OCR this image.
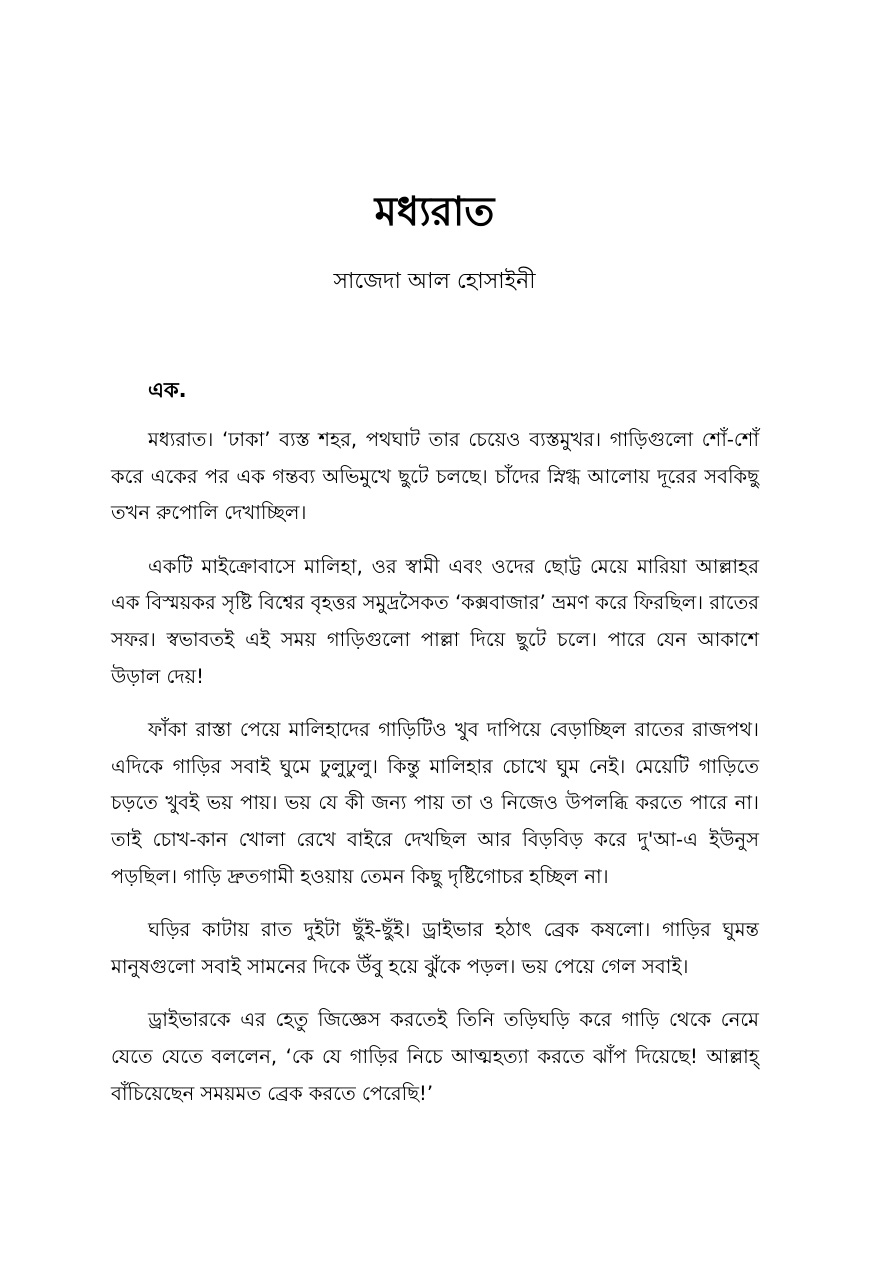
মধ্যরাত
সাজেদা আল হোসাইনী
এক.

মধ্যরাত। ‘ঢাকা’ ব্যস্ত শহর, পথঘাট তার চেয়েও ব্যস্তমুখর। গাড়িগুলো শোঁ-শোঁ করে একের পর এক গন্তব্য অভিমুখে ছুটে চলছে। চাঁদের স্নিগ্ধ আলোয় দূরের সবকিছু তখন রুপোলি দেখাচ্ছিল।

একটি মাইক্রোবাসে মালিহা, ওর স্বামী এবং ওদের ছোট্ট মেয়ে মারিয়া আল্লাহর এক বিস্ময়কর সৃষ্টি বিশ্বের বৃহত্তর সমুদ্রসৈকত ‘কক্সবাজার’ ভ্রমণ করে ফিরছিল। রাতের সফর। স্বভাবতই এই সময় গাড়িগুলো পাল্লা দিয়ে ছুটে চলে। পারে যেন আকাশে উড়াল দেয়!

ফাঁকা রাস্তা পেয়ে মালিহাদের গাড়িটিও খুব দাপিয়ে বেড়াচ্ছিল রাতের রাজপথ। এদিকে গাড়ির সবাই ঘুমে ঢুলুঢুলু। কিন্তু মালিহার চোখে ঘুম নেই। মেয়েটি গাড়িতে চড়তে খুবই ভয় পায়। ভয় যে কী জন্য পায় তা ও নিজেও উপলব্ধি করতে পারে না। তাই চোখ-কান খোলা রেখে বাইরে দেখছিল আর বিড়বিড় করে দু'আ-এ ইউনুস পড়ছিল। গাড়ি দ্রুতগামী হওয়ায় তেমন কিছু দৃষ্টিগোচর হচ্ছিল না।

ঘড়ির কাটায় রাত দুইটা ছুঁই-ছুঁই। ড্রাইভার হঠাৎ ব্রেক কষলো। গাড়ির ঘুমন্ত মানুষগুলো সবাই সামনের দিকে উঁবু হয়ে ঝুঁকে পড়ল। ভয় পেয়ে গেল সবাই।

ড্রাইভারকে এর হেতু জিজ্ঞেস করতেই তিনি তড়িঘড়ি করে গাড়ি থেকে নেমে যেতে যেতে বললেন, ‘কে যে গাড়ির নিচে আত্মহত্যা করতে ঝাঁপ দিয়েছে! আল্লাহ্ বাঁচিয়েছেন সময়মত ব্রেক করতে পেরেছি!’
